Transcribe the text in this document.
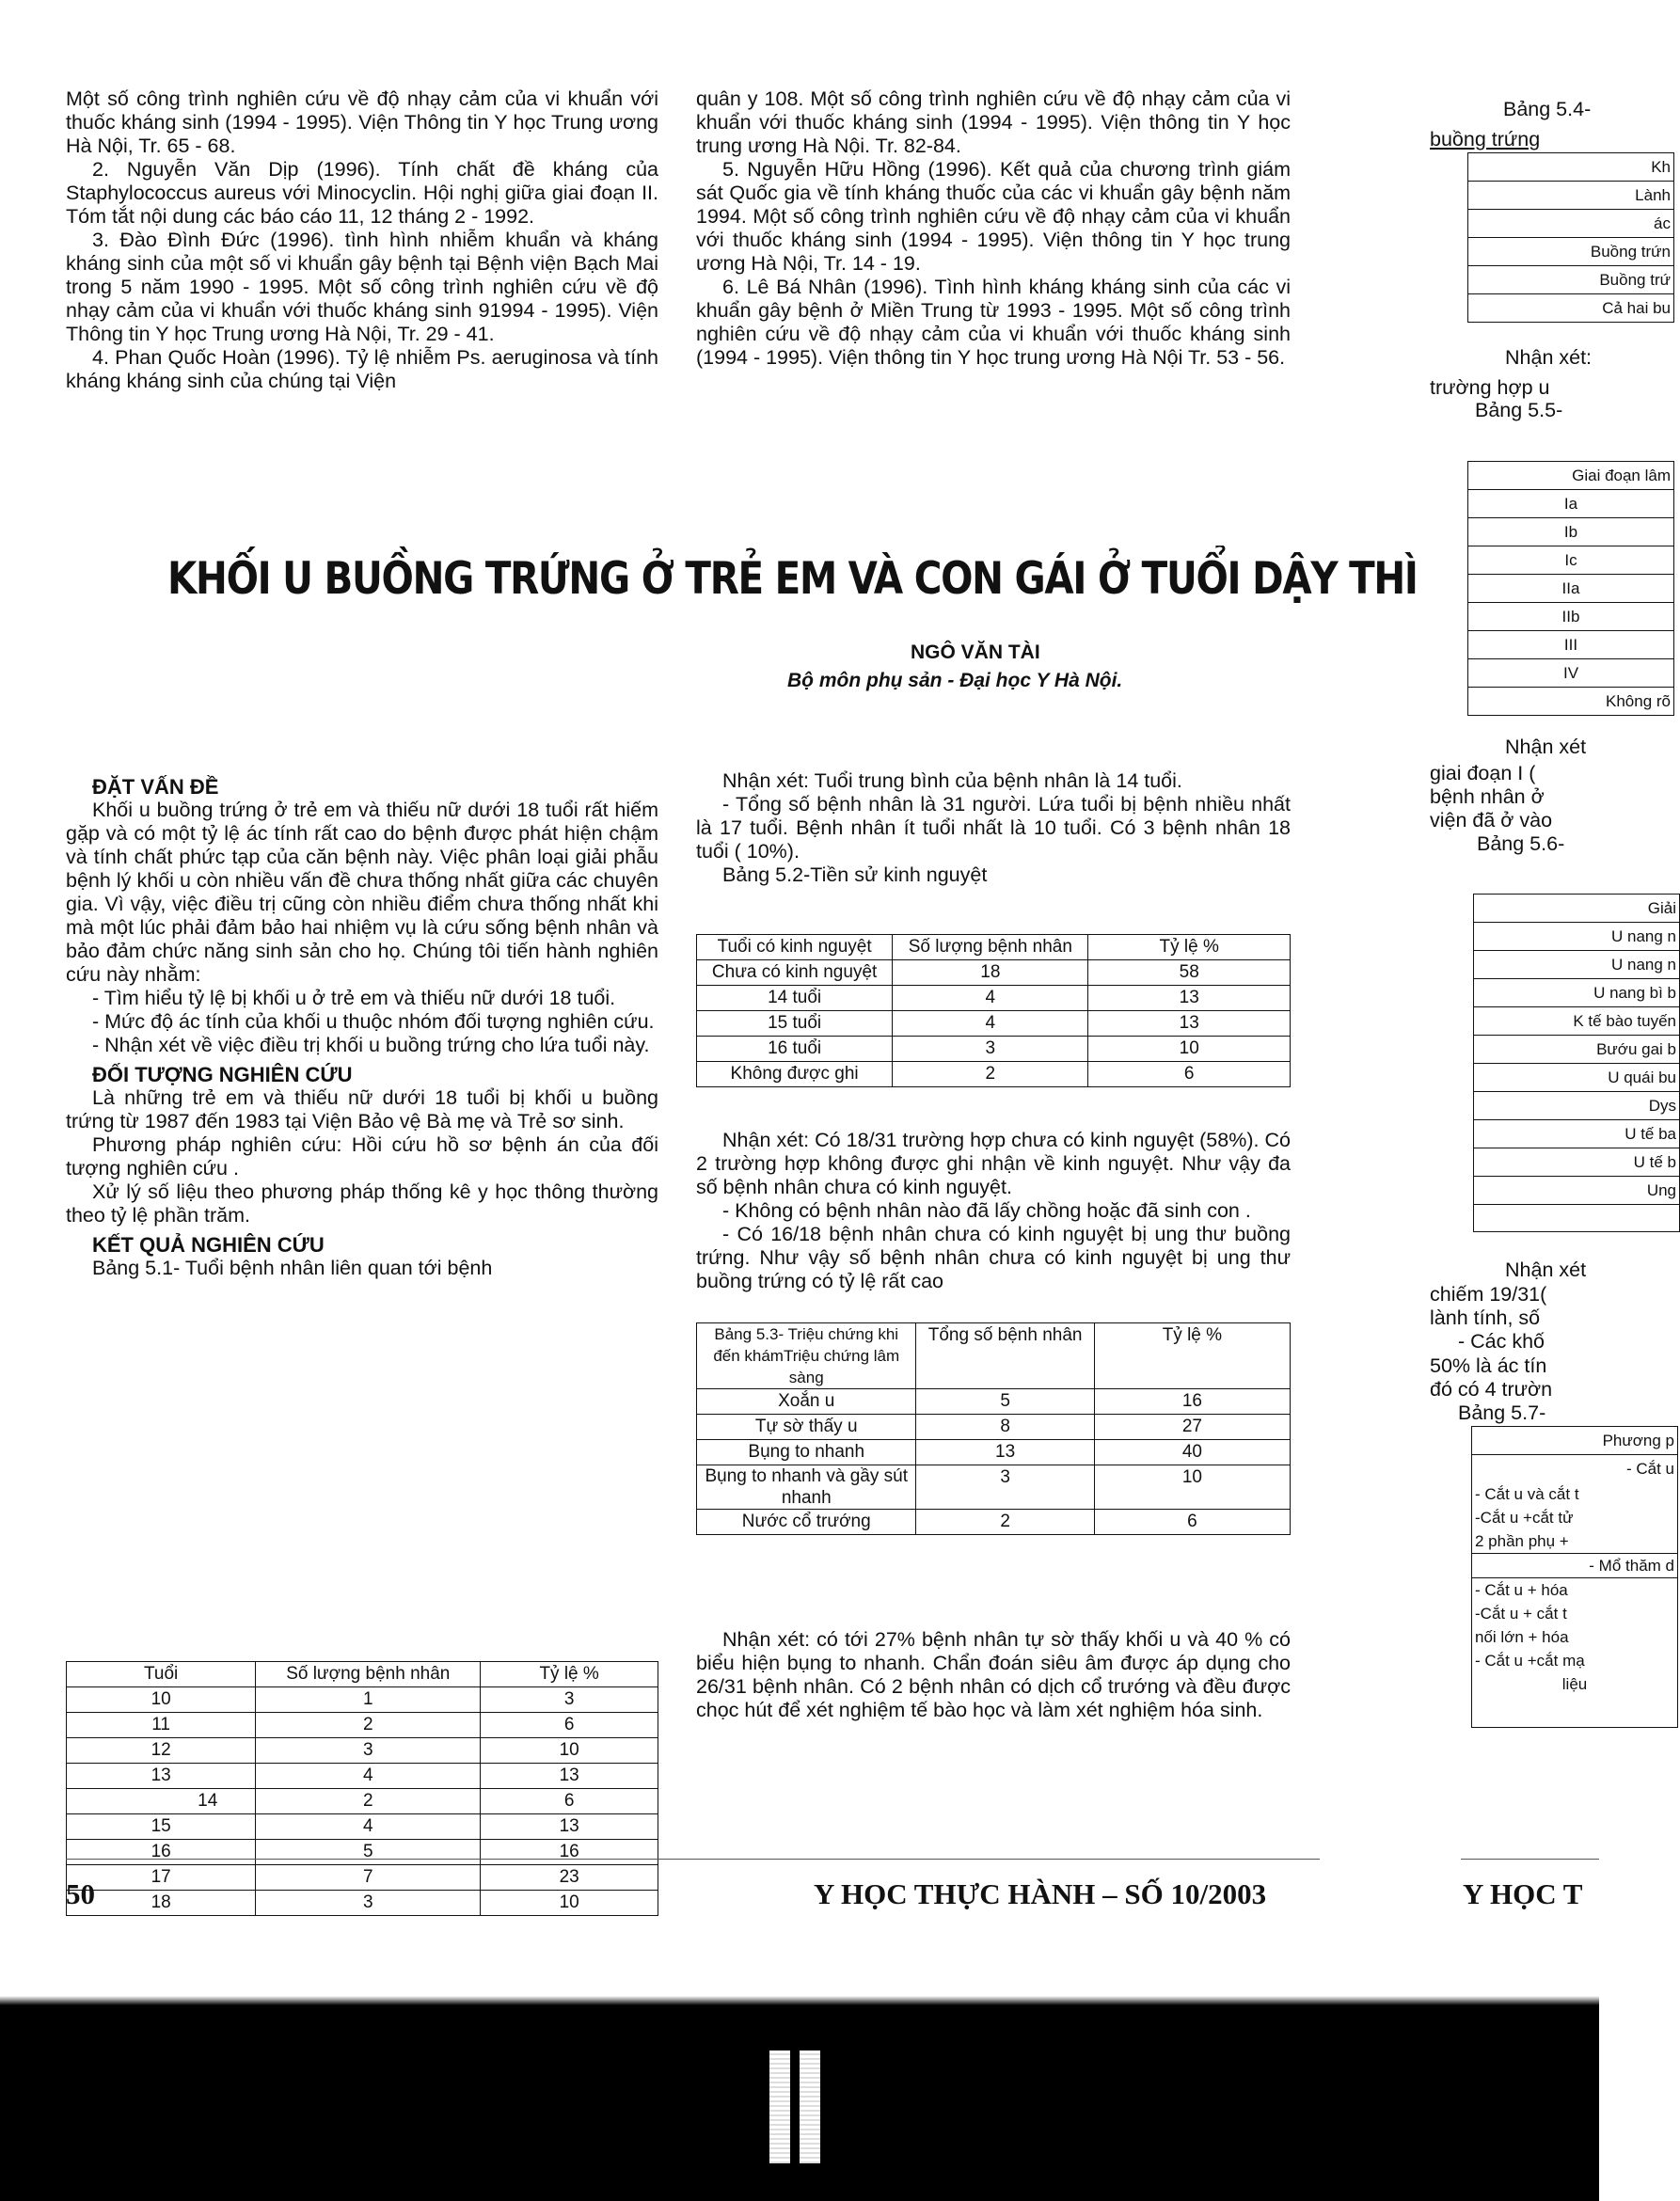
Một số công trình nghiên cứu về độ nhạy cảm của vi khuẩn với thuốc kháng sinh (1994 - 1995). Viện Thông tin Y học Trung ương Hà Nội, Tr. 65 - 68.

2. Nguyễn Văn Dịp (1996). Tính chất đề kháng của Staphylococcus aureus với Minocyclin. Hội nghị giữa giai đoạn II. Tóm tắt nội dung các báo cáo 11, 12 tháng 2 - 1992.

3. Đào Đình Đức (1996). tình hình nhiễm khuẩn và kháng kháng sinh của một số vi khuẩn gây bệnh tại Bệnh viện Bạch Mai trong 5 năm 1990 - 1995. Một số công trình nghiên cứu về độ nhạy cảm của vi khuẩn với thuốc kháng sinh 91994 - 1995). Viện Thông tin Y học Trung ương Hà Nội, Tr. 29 - 41.

4. Phan Quốc Hoàn (1996). Tỷ lệ nhiễm Ps. aeruginosa và tính kháng kháng sinh của chúng tại Viện

quân y 108. Một số công trình nghiên cứu về độ nhạy cảm của vi khuẩn với thuốc kháng sinh (1994 - 1995). Viện thông tin Y học trung ương Hà Nội. Tr. 82-84.

5. Nguyễn Hữu Hồng (1996). Kết quả của chương trình giám sát Quốc gia về tính kháng thuốc của các vi khuẩn gây bệnh năm 1994. Một số công trình nghiên cứu về độ nhạy cảm của vi khuẩn với thuốc kháng sinh (1994 - 1995). Viện thông tin Y học trung ương Hà Nội, Tr. 14 - 19.

6. Lê Bá Nhân (1996). Tình hình kháng kháng sinh của các vi khuẩn gây bệnh ở Miền Trung từ 1993 - 1995. Một số công trình nghiên cứu về độ nhạy cảm của vi khuẩn với thuốc kháng sinh (1994 - 1995). Viện thông tin Y học trung ương Hà Nội Tr. 53 - 56.

KHỐI U BUỒNG TRỨNG Ở TRẺ EM VÀ CON GÁI Ở TUỔI DẬY THÌ
NGÔ VĂN TÀI
Bộ môn phụ sản - Đại học Y Hà Nội.

ĐẶT VẤN ĐỀ

Khối u buồng trứng ở trẻ em và thiếu nữ dưới 18 tuổi rất hiếm gặp và có một tỷ lệ ác tính rất cao do bệnh được phát hiện chậm và tính chất phức tạp của căn bệnh này. Việc phân loại giải phẫu bệnh lý khối u còn nhiều vấn đề chưa thống nhất giữa các chuyên gia. Vì vậy, việc điều trị cũng còn nhiều điểm chưa thống nhất khi mà một lúc phải đảm bảo hai nhiệm vụ là cứu sống bệnh nhân và bảo đảm chức năng sinh sản cho họ. Chúng tôi tiến hành nghiên cứu này nhằm:

- Tìm hiểu tỷ lệ bị khối u ở trẻ em và thiếu nữ dưới 18 tuổi.

- Mức độ ác tính của khối u thuộc nhóm đối tượng nghiên cứu.

- Nhận xét về việc điều trị khối u buồng trứng cho lứa tuổi này.

ĐỐI TƯỢNG NGHIÊN CỨU

Là những trẻ em và thiếu nữ dưới 18 tuổi bị khối u buồng trứng từ 1987 đến 1983 tại Viện Bảo vệ Bà mẹ và Trẻ sơ sinh.

Phương pháp nghiên cứu: Hồi cứu hồ sơ bệnh án của đối tượng nghiên cứu .

Xử lý số liệu theo phương pháp thống kê y học thông thường theo tỷ lệ phần trăm.

KẾT QUẢ NGHIÊN CỨU

Bảng 5.1- Tuổi bệnh nhân liên quan tới bệnh

Tuổi	Số lượng bệnh nhân	Tỷ lệ %
10	1	3
11	2	6
12	3	10
13	4	13
14	2	6
15	4	13
16	5	16
17	7	23
18	3	10

Nhận xét: Tuổi trung bình của bệnh nhân là 14 tuổi.

- Tổng số bệnh nhân là 31 người. Lứa tuổi bị bệnh nhiều nhất là 17 tuổi. Bệnh nhân ít tuổi nhất là 10 tuổi. Có 3 bệnh nhân 18 tuổi ( 10%).

Bảng 5.2-Tiền sử kinh nguyệt

Tuổi có kinh nguyệt	Số lượng bệnh nhân	Tỷ lệ %
Chưa có kinh nguyệt	18	58
14 tuổi	4	13
15 tuổi	4	13
16 tuổi	3	10
Không được ghi	2	6

Nhận xét: Có 18/31 trường hợp chưa có kinh nguyệt (58%). Có 2 trường hợp không được ghi nhận về kinh nguyệt. Như vậy đa số bệnh nhân chưa có kinh nguyệt.

- Không có bệnh nhân nào đã lấy chồng hoặc đã sinh con .

- Có 16/18 bệnh nhân chưa có kinh nguyệt bị ung thư buồng trứng. Như vậy số bệnh nhân chưa có kinh nguyệt bị ung thư buồng trứng có tỷ lệ rất cao

Bảng 5.3- Triệu chứng khi đến khámTriệu chứng lâm sàng	Tổng số bệnh nhân	Tỷ lệ %
Xoắn u	5	16
Tự sờ thấy u	8	27
Bụng to nhanh	13	40
Bụng to nhanh và gầy sút nhanh	3	10
Nước cổ trướng	2	6

Nhận xét: có tới 27% bệnh nhân tự sờ thấy khối u và 40 % có biểu hiện bụng to nhanh. Chẩn đoán siêu âm được áp dụng cho 26/31 bệnh nhân. Có 2 bệnh nhân có dịch cổ trướng và đều được chọc hút để xét nghiệm tế bào học và làm xét nghiệm hóa sinh.

Bảng 5.4-
buồng trứng
Kh
Lành
ác
Buồng trứn
Buồng trứ
Cả hai bu
Nhận xét:
trường hợp u
Bảng 5.5-
Giai đoạn lâm
Ia
Ib
Ic
IIa
IIb
III
IV
Không rõ
Nhận xét
giai đoạn I (
bệnh nhân ở
viện đã ở vào
Bảng 5.6-
Giải
U nang n
U nang n
U nang bì b
K tế bào tuyến
Bướu gai b
U quái bu
Dys
U tế ba
U tế b
Ung

Nhận xét
chiếm 19/31(
lành tính, số
- Các khố
50% là ác tín
đó có 4 trườn
Bảng 5.7-
Phương p
- Cắt u
- Cắt u và cắt t
-Cắt u +cắt tử
2 phần phụ +
- Mổ thăm d
- Cắt u + hóa
-Cắt u + cắt t
nối lớn + hóa
- Cắt u +cắt mạ
liệu
50	Y HỌC THỰC HÀNH – SỐ 10/2003	Y HỌC T
